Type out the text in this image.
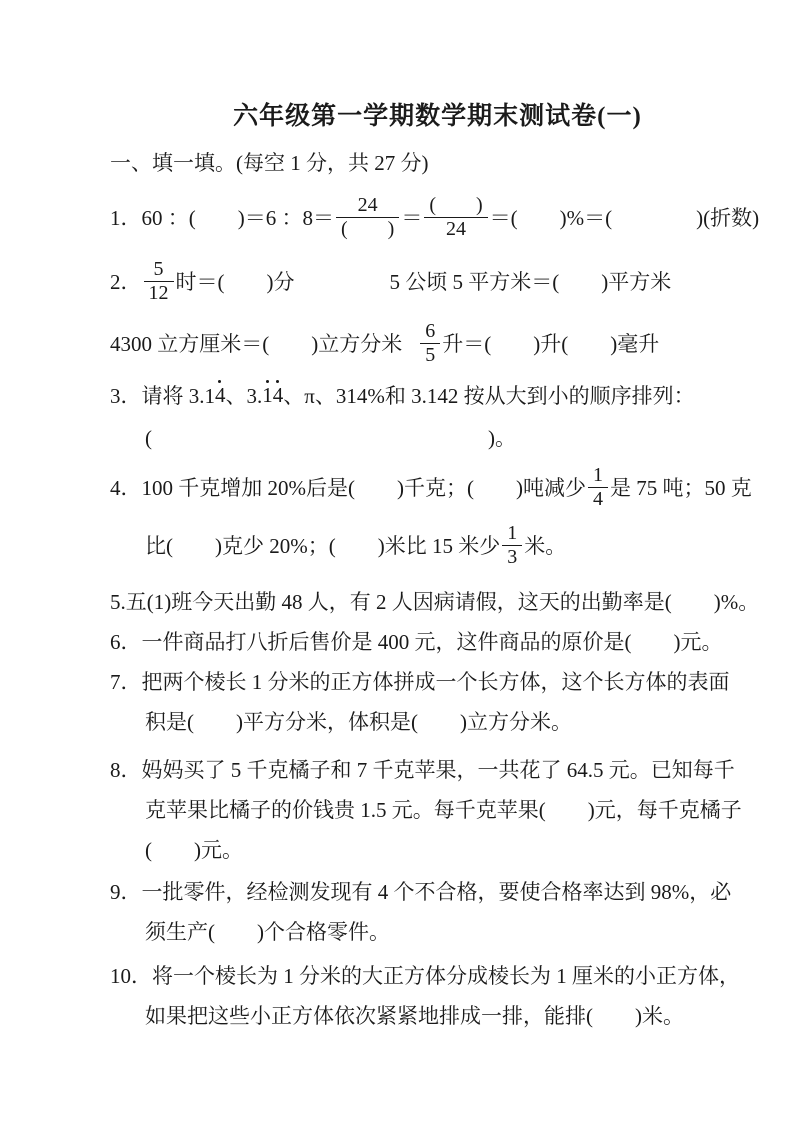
六年级第一学期数学期末测试卷(一)
一、填一填。(每空 1 分，共 27 分)
1．60 ：(　　)＝6 ：$8= \frac{24}{( )} = \frac{( )}{24}$ ＝(　　)%＝(　　　　)(折数)
2． $\frac{5}{12}$ 时＝(　　)分	5 公顷 5 平方米＝(　　)平方米
4300 立方厘米＝(　　)立方分米 $\frac{6}{5}$ 升＝(　　)升(　　)毫升
3．请将 3.1 4 、3. 1 4 、π、314%和 3.142 按从大到小的顺序排列：
(　　　　　　　　　　　　　　　　)。
4．100 千克增加 20%后是(　　)千克；(　　)吨减少 $\frac{1}{4}$ 是 75 吨；50 克
比(　　)克少 20%；(　　)米比 15 米少 $\frac{1}{3}$ 米。
5.五(1)班今天出勤 48 人，有 2 人因病请假，这天的出勤率是(　　)%。
6．一件商品打八折后售价是 400 元，这件商品的原价是(　　)元。
7．把两个棱长 1 分米的正方体拼成一个长方体，这个长方体的表面
积是(　　)平方分米，体积是(　　)立方分米。
8．妈妈买了 5 千克橘子和 7 千克苹果，一共花了 64.5 元。已知每千
克苹果比橘子的价钱贵 1.5 元。每千克苹果(　　)元，每千克橘子
(　　)元。
9．一批零件，经检测发现有 4 个不合格，要使合格率达到 98%，必
须生产(　　)个合格零件。
10．将一个棱长为 1 分米的大正方体分成棱长为 1 厘米的小正方体，
如果把这些小正方体依次紧紧地排成一排，能排(　　)米。
